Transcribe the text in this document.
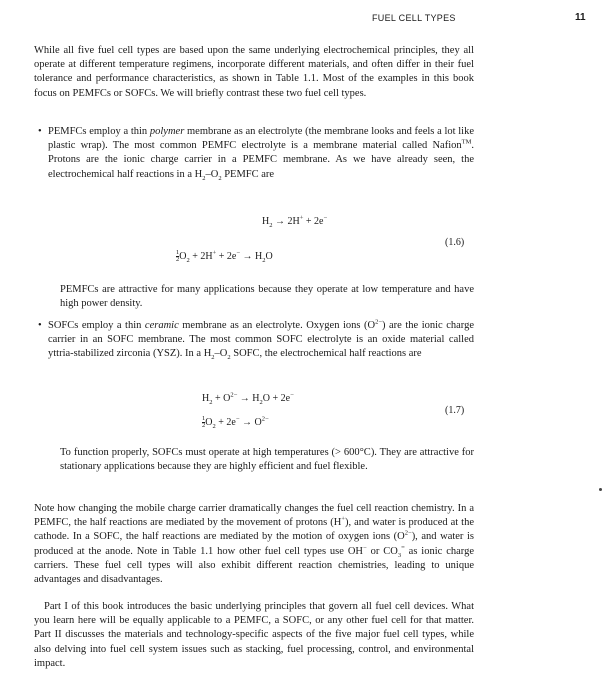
FUEL CELL TYPES	11

While all five fuel cell types are based upon the same underlying electrochemical principles, they all operate at different temperature regimens, incorporate different materials, and often differ in their fuel tolerance and performance characteristics, as shown in Table 1.1. Most of the examples in this book focus on PEMFCs or SOFCs. We will briefly contrast these two fuel cell types.

• PEMFCs employ a thin polymer membrane as an electrolyte (the membrane looks and feels a lot like plastic wrap). The most common PEMFC electrolyte is a membrane material called Nafion™. Protons are the ionic charge carrier in a PEMFC membrane. As we have already seen, the electrochemical half reactions in a $H_2-O_2$ PEMFC are

$H_2 \to 2H^+ + 2e^-$
$\frac{1}{2} O_2 + 2H^+ + 2e^- \to H_2O$
(1.6)

PEMFCs are attractive for many applications because they operate at low temperature and have high power density.

• SOFCs employ a thin ceramic membrane as an electrolyte. Oxygen ions $(O^{2-})$ are the ionic charge carrier in an SOFC membrane. The most common SOFC electrolyte is an oxide material called yttria-stabilized zirconia (YSZ). In a $H_2-O_2$ SOFC, the electrochemical half reactions are

$H_2 + O^{2-} \to H_2O + 2e^-$
$\frac{1}{2} O_2 + 2e^- \to O^{2-}$
(1.7)

To function properly, SOFCs must operate at high temperatures (> 600°C). They are attractive for stationary applications because they are highly efficient and fuel flexible.

Note how changing the mobile charge carrier dramatically changes the fuel cell reaction chemistry. In a PEMFC, the half reactions are mediated by the movement of protons (H+), and water is produced at the cathode. In a SOFC, the half reactions are mediated by the motion of oxygen ions $(O^{2-})$, and water is produced at the anode. Note in Table 1.1 how other fuel cell types use OH− or $CO_3^=$ as ionic charge carriers. These fuel cell types will also exhibit different reaction chemistries, leading to unique advantages and disadvantages.

Part I of this book introduces the basic underlying principles that govern all fuel cell devices. What you learn here will be equally applicable to a PEMFC, a SOFC, or any other fuel cell for that matter. Part II discusses the materials and technology-specific aspects of the five major fuel cell types, while also delving into fuel cell system issues such as stacking, fuel processing, control, and environmental impact.
